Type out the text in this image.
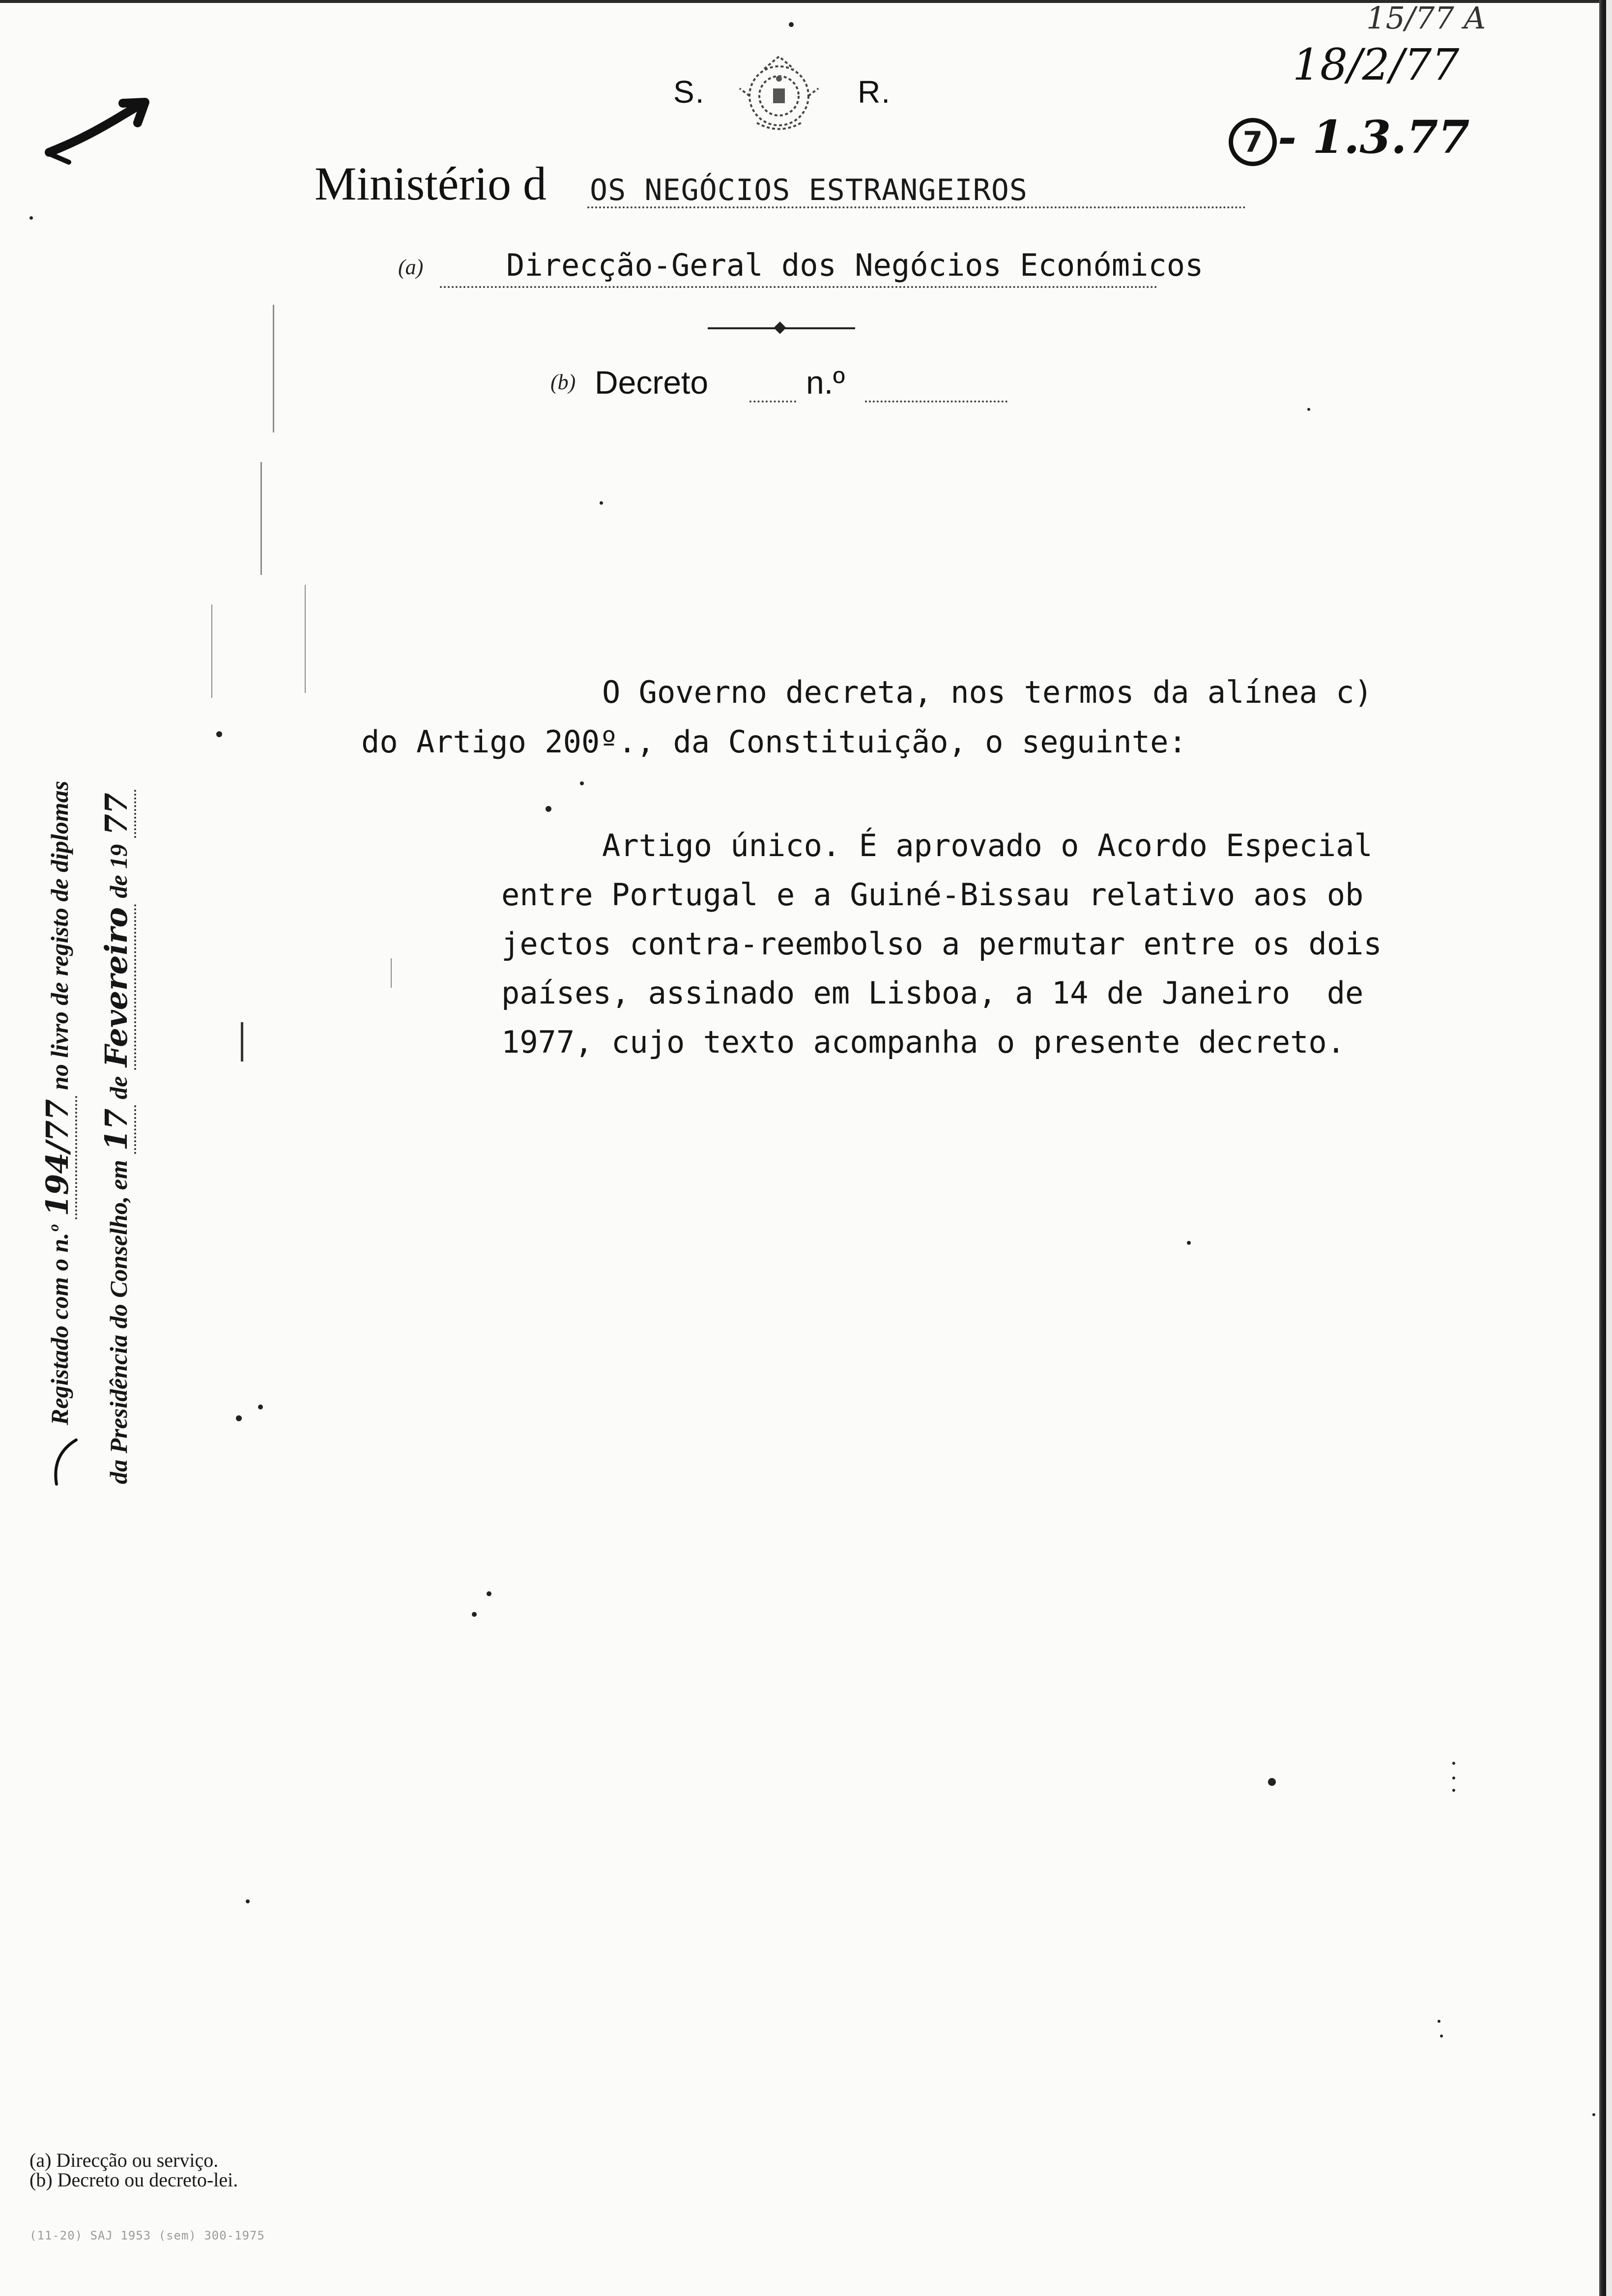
15/77 A
18/2/77
7 - 1.3.77
S.	R.
Ministério d OS NEGÓCIOS ESTRANGEIROS
(a)	Direcção-Geral dos Negócios Económicos
(b) Decreto	n.º
O Governo decreta, nos termos da alínea c)
do Artigo 200º., da Constituição, o seguinte:
Artigo único. É aprovado o Acordo Especial
entre Portugal e a Guiné-Bissau relativo aos ob
jectos contra-reembolso a permutar entre os dois
países, assinado em Lisboa, a 14 de Janeiro  de
1977, cujo texto acompanha o presente decreto.
Registado com o n.º 194/77 no livro de registo de diplomas
da Presidência do Conselho, em 17 de Fevereiro de 19 77
(a) Direcção ou serviço.
(b) Decreto ou decreto-lei.
(11-20) SAJ 1953 (sem) 300-1975
